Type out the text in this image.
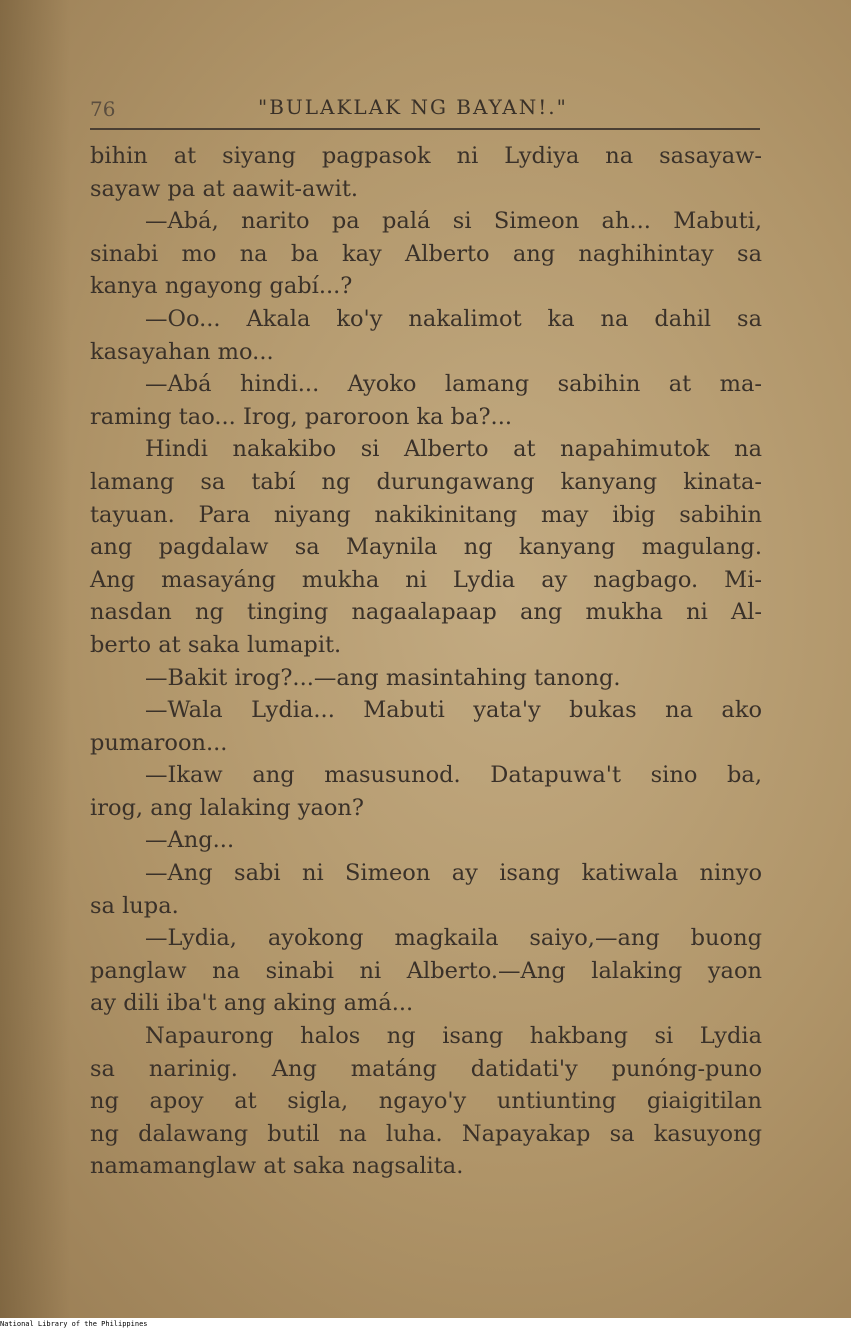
76	"BULAKLAK NG BAYAN!."
bihin at siyang pagpasok ni Lydiya na sasayaw-
sayaw pa at aawit-awit.
—Abá, narito pa palá si Simeon ah... Mabuti,
sinabi mo na ba kay Alberto ang naghihintay sa
kanya ngayong gabí...?
—Oo... Akala ko'y nakalimot ka na dahil sa
kasayahan mo...
—Abá hindi... Ayoko lamang sabihin at ma-
raming tao... Irog, paroroon ka ba?...
Hindi nakakibo si Alberto at napahimutok na
lamang sa tabí ng durungawang kanyang kinata-
tayuan. Para niyang nakikinitang may ibig sabihin
ang pagdalaw sa Maynila ng kanyang magulang.
Ang masayáng mukha ni Lydia ay nagbago. Mi-
nasdan ng tinging nagaalapaap ang mukha ni Al-
berto at saka lumapit.
—Bakit irog?...—ang masintahing tanong.
—Wala Lydia... Mabuti yata'y bukas na ako
pumaroon...
—Ikaw ang masusunod. Datapuwa't sino ba,
irog, ang lalaking yaon?
—Ang...
—Ang sabi ni Simeon ay isang katiwala ninyo
sa lupa.
—Lydia, ayokong magkaila saiyo,—ang buong
panglaw na sinabi ni Alberto.—Ang lalaking yaon
ay dili iba't ang aking amá...
Napaurong halos ng isang hakbang si Lydia
sa narinig. Ang matáng datidati'y punóng-puno
ng apoy at sigla, ngayo'y untiunting giaigitilan
ng dalawang butil na luha. Napayakap sa kasuyong
namamanglaw at saka nagsalita.
National Library of the Philippines
